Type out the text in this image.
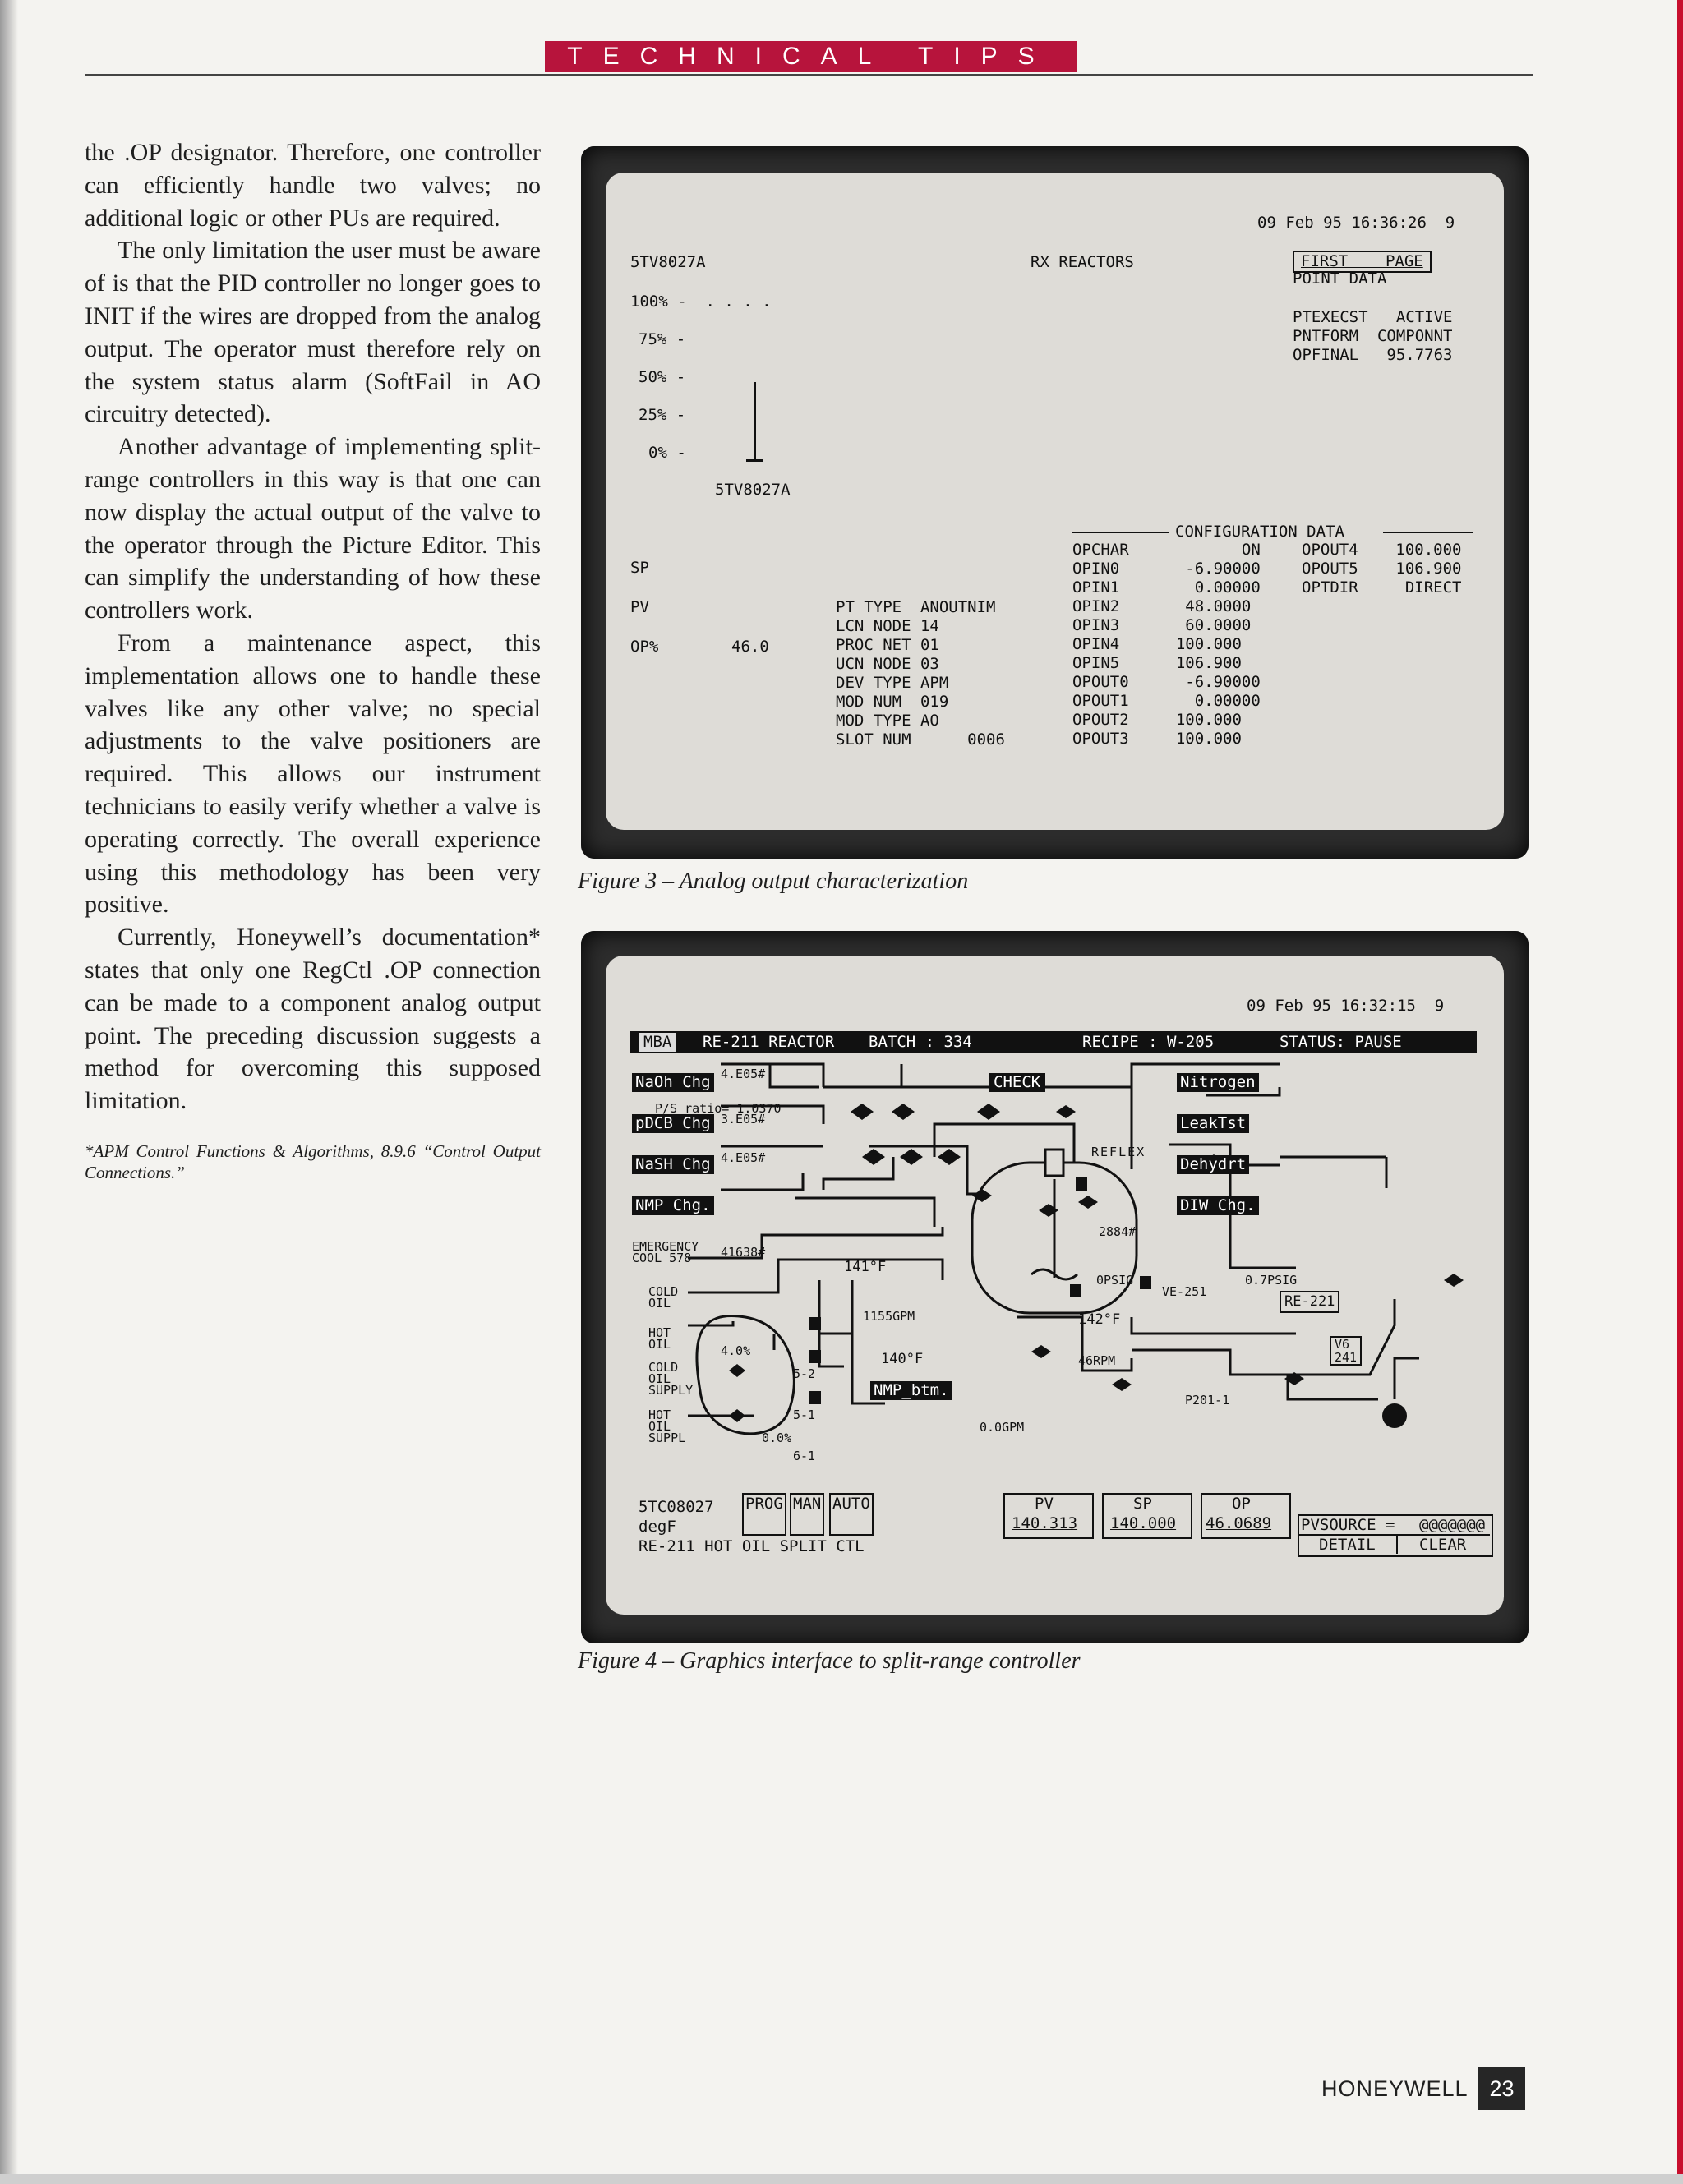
TECHNICAL TIPS

the .OP designator. Therefore, one controller can efficiently handle two valves; no additional logic or other PUs are required.

The only limitation the user must be aware of is that the PID controller no longer goes to INIT if the wires are dropped from the analog output. The operator must therefore rely on the system status alarm (SoftFail in AO circuitry detected).

Another advantage of implementing split-range controllers in this way is that one can now display the actual output of the valve to the operator through the Picture Editor. This can simplify the understanding of how these controllers work.

From a maintenance aspect, this implementation allows one to handle these valves like any other valve; no special adjustments to the valve positioners are required. This allows our instrument technicians to easily verify whether a valve is operating correctly. The overall experience using this methodology has been very positive.

Currently, Honeywell’s documentation* states that only one RegCtl .OP connection can be made to a component analog output point. The preceding discussion suggests a method for overcoming this supposed limitation.

*APM Control Functions & Algorithms, 8.9.6 “Control Output Connections.”

09 Feb 95 16:36:26  9
5TV8027A	RX REACTORS	FIRST    PAGE
POINT DATA
100% -  . . . .
75% -
50% -
25% -
0% -
5TV8027A
PTEXECST   ACTIVE
PNTFORM  COMPONNT
OPFINAL   95.7763
CONFIGURATION DATA
SP
PV
OP%	46.0
PT TYPE  ANOUTNIM
LCN NODE 14
PROC NET 01
UCN NODE 03
DEV TYPE APM
MOD NUM  019
MOD TYPE AO
SLOT NUM      0006
OPCHAR            ON
OPIN0       -6.90000
OPIN1        0.00000
OPIN2       48.0000
OPIN3       60.0000
OPIN4      100.000
OPIN5      106.900
OPOUT0      -6.90000
OPOUT1       0.00000
OPOUT2     100.000
OPOUT3     100.000
OPOUT4    100.000
OPOUT5    106.900
OPTDIR     DIRECT
Figure 3 – Analog output characterization
09 Feb 95 16:32:15  9
MBA	RE-211 REACTOR BATCH : 334	RECIPE : W-205	STATUS: PAUSE
NaOh Chg
pDCB Chg
NaSH Chg
NMP Chg.
CHECK	Nitrogen
LeakTst
Dehydrt
DIW Chg.
NMP_btm.
RE-221
V6
241
4.E05#
P/S ratio= 1.0370
3.E05#
4.E05#	REFLEX
EMERGENCY
COOL 578	41638#
141°F
COLD
OIL
HOT
OIL
COLD
OIL
SUPPLY
HOT
OIL
SUPPL
4.0%
0.0%
5-2
5-1
6-1
1155GPM
140°F
0PSIG
142°F
46RPM
VE-251
0.7PSIG
2884#
0.0GPM
P201-1
5TC08027
degF
RE-211 HOT OIL SPLIT CTL
PROG MAN AUTO	PV
140.313
SP
140.000
OP
46.0689 PVSOURCE = @@@@@@@
DETAIL	CLEAR
Figure 4 – Graphics interface to split-range controller
HONEYWELL 23
